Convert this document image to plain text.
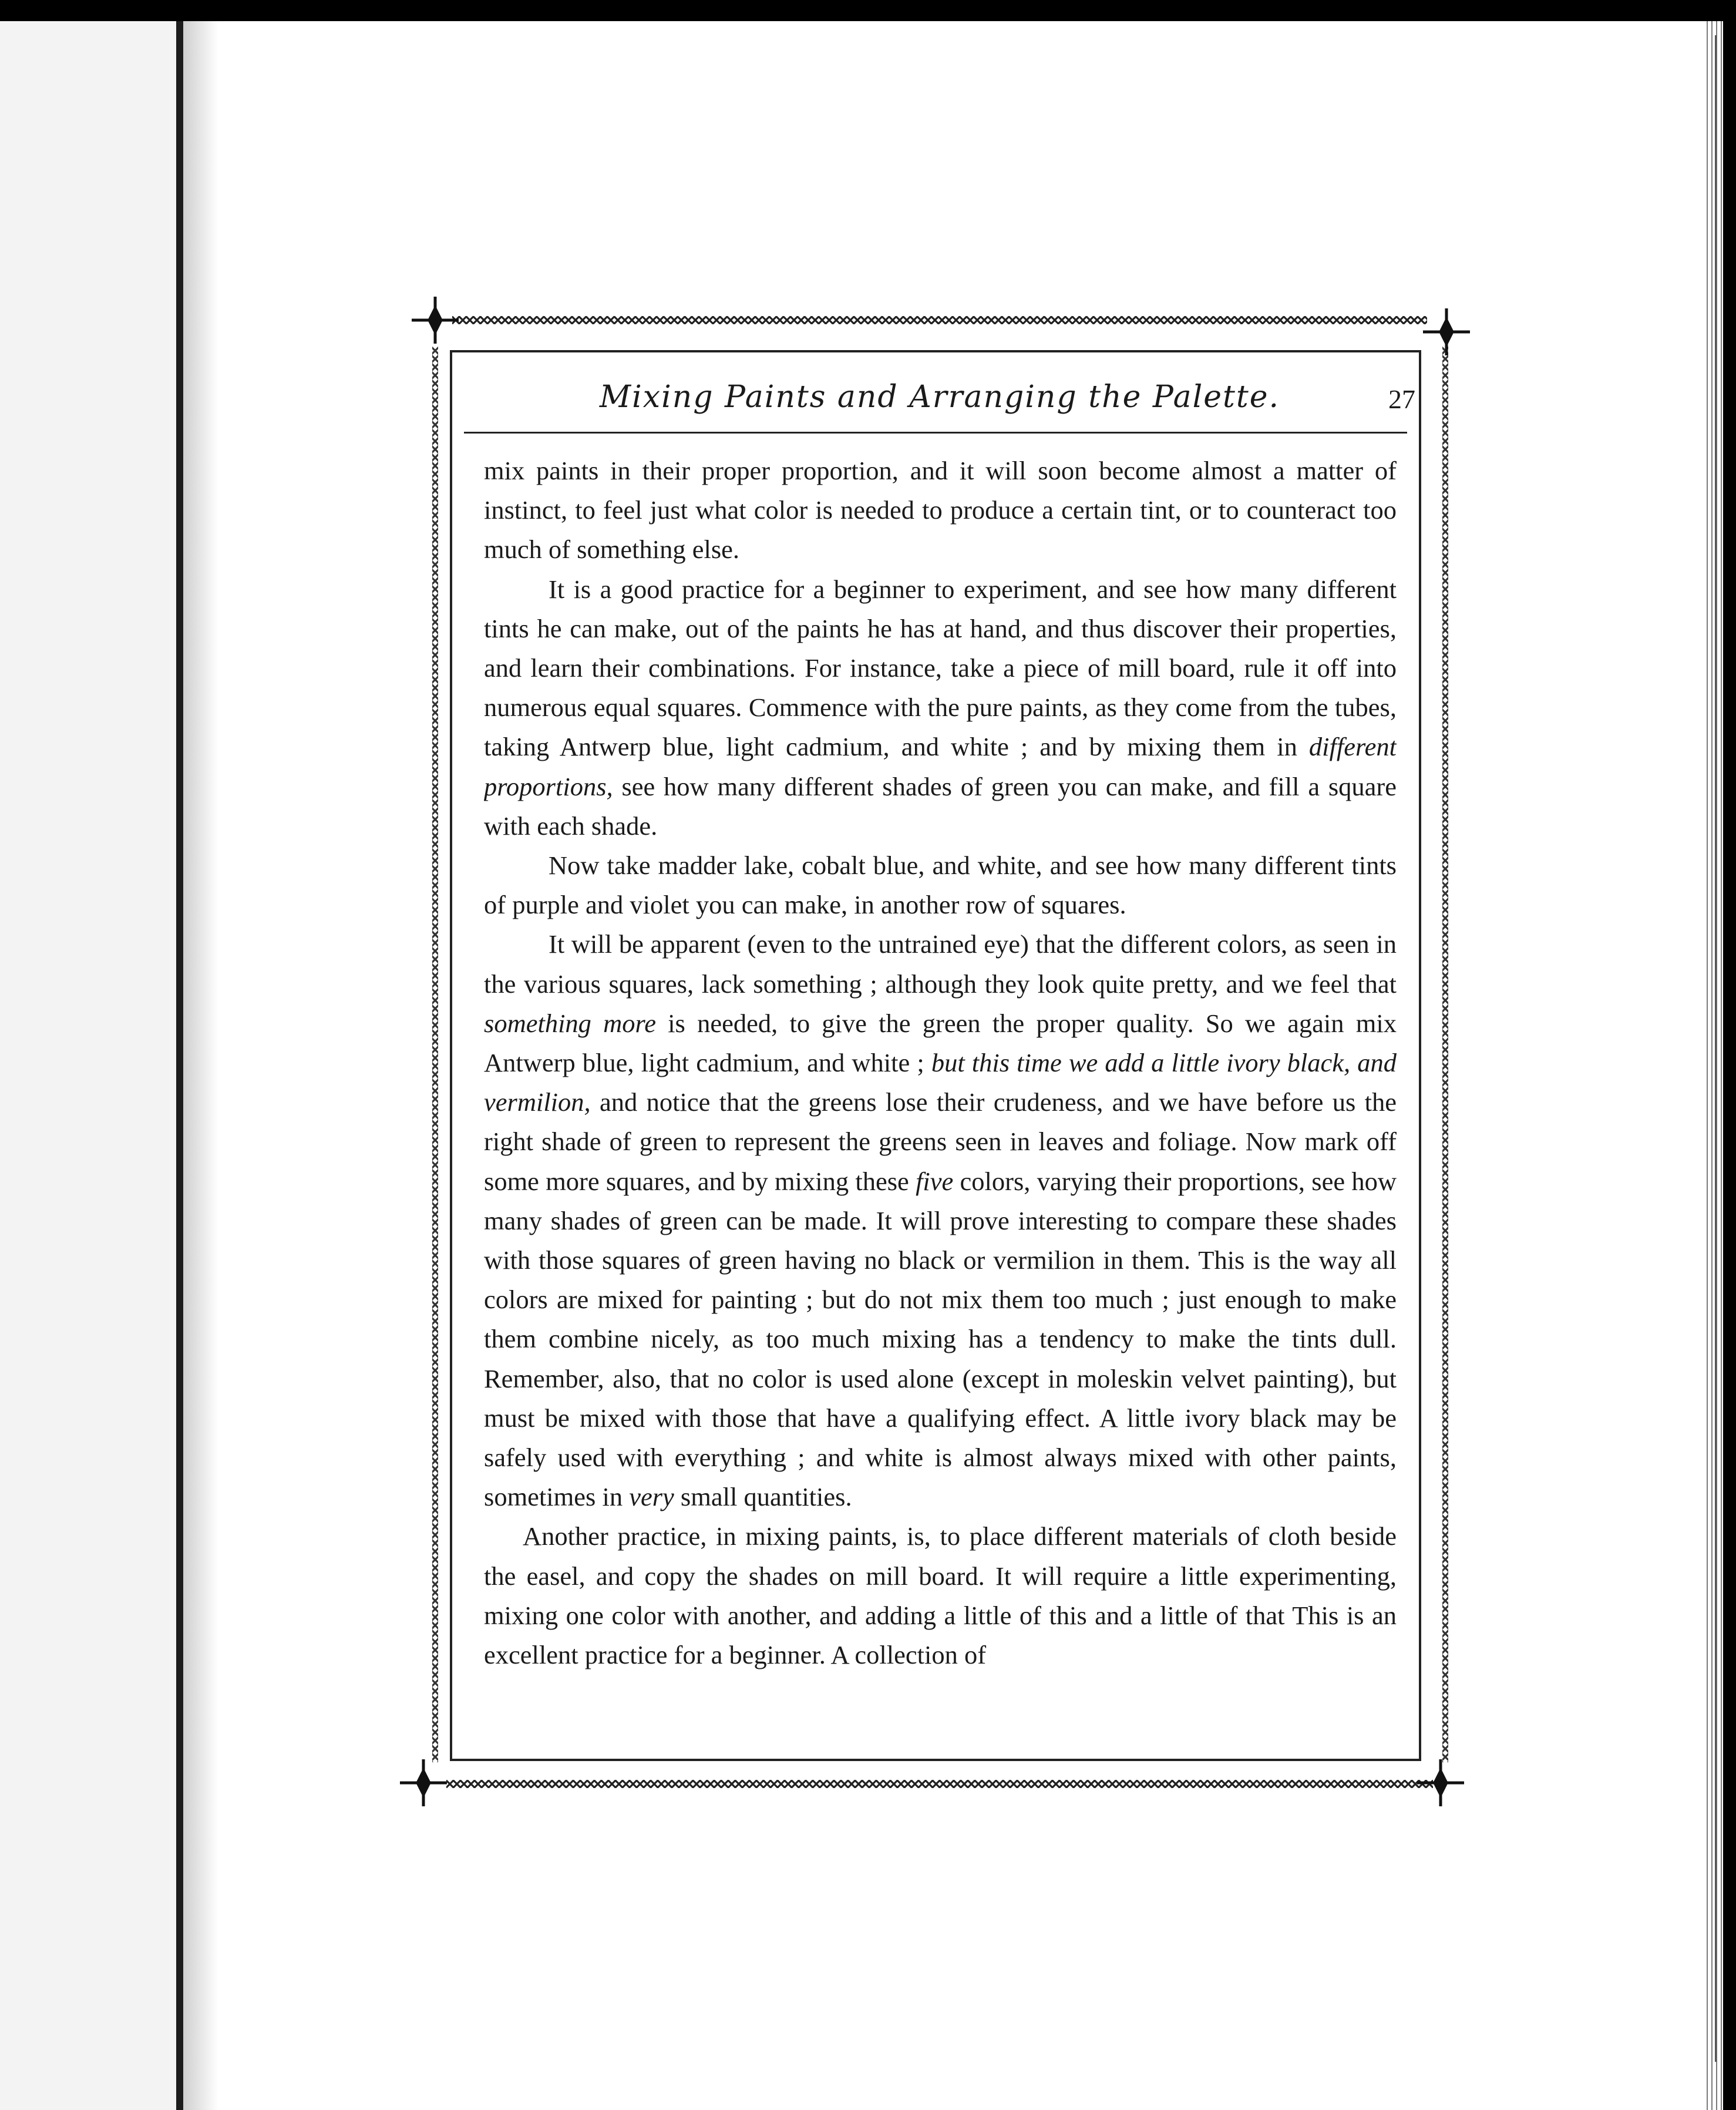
Mixing Paints and Arranging the Palette.	27

mix paints in their proper proportion, and it will soon become almost a matter of instinct, to feel just what color is needed to produce a certain tint, or to counteract too much of something else.

It is a good practice for a beginner to experiment, and see how many different tints he can make, out of the paints he has at hand, and thus discover their properties, and learn their combinations. For instance, take a piece of mill board, rule it off into numerous equal squares. Commence with the pure paints, as they come from the tubes, taking Antwerp blue, light cadmium, and white ; and by mixing them in different proportions, see how many different shades of green you can make, and fill a square with each shade.

Now take madder lake, cobalt blue, and white, and see how many different tints of purple and violet you can make, in another row of squares.

It will be apparent (even to the untrained eye) that the different colors, as seen in the various squares, lack something ; although they look quite pretty, and we feel that something more is needed, to give the green the proper quality. So we again mix Antwerp blue, light cadmium, and white ; but this time we add a little ivory black, and vermilion, and notice that the greens lose their crudeness, and we have before us the right shade of green to represent the greens seen in leaves and foliage. Now mark off some more squares, and by mixing these five colors, varying their proportions, see how many shades of green can be made. It will prove interesting to compare these shades with those squares of green having no black or vermilion in them. This is the way all colors are mixed for painting ; but do not mix them too much ; just enough to make them combine nicely, as too much mixing has a tendency to make the tints dull. Remember, also, that no color is used alone (except in moleskin velvet painting), but must be mixed with those that have a qualifying effect. A little ivory black may be safely used with everything ; and white is almost always mixed with other paints, sometimes in very small quantities.

Another practice, in mixing paints, is, to place different materials of cloth beside the easel, and copy the shades on mill board. It will require a little experimenting, mixing one color with another, and adding a little of this and a little of that This is an excellent practice for a beginner. A collection of
